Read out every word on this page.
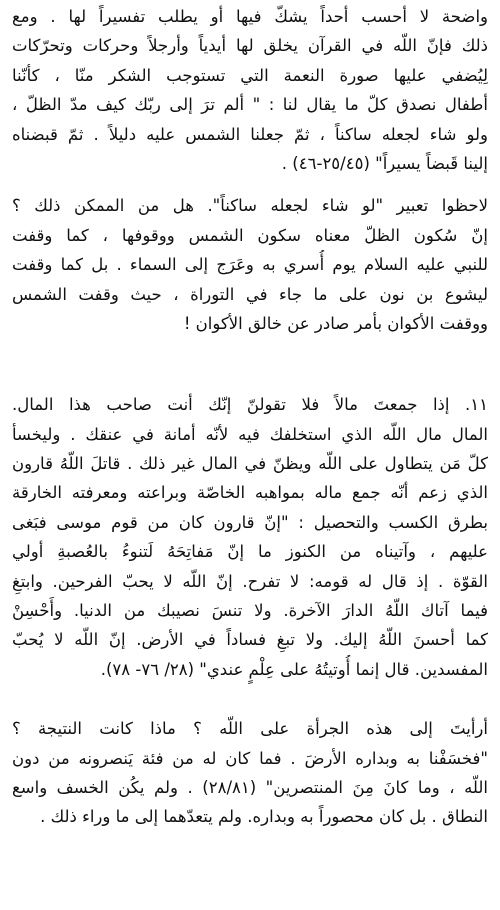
واضحة لا أحسب أحداً يشكّ فيها أو يطلب تفسيراً لها . ومع
ذلك فإنّ اللّه في القرآن يخلق لها أيدياً وأرجلاً وحركات وتحرّكات
لِيُضفي عليها صورة النعمة التي تستوجب الشكر منّا ، كأنّنا
أطفال نصدق كلّ ما يقال لنا : " ألم ترَ إلى ربّك كيف مدّ الظلّ ،
ولو شاء لجعله ساكناً ، ثمّ جعلنا الشمس عليه دليلاً . ثمّ قبضناه
إلينا قَبضاً يسيراً" (٢٥/٤٥-٤٦) .
لاحظوا تعبير "لو شاء لجعله ساكناً". هل من الممكن ذلك ؟
إنّ سُكون الظلّ معناه سكون الشمس ووقوفها ، كما وقفت
للنبي عليه السلام يوم أُسري به وعَرَج إلى السماء . بل كما وقفت
ليشوع بن نون على ما جاء في التوراة ، حيث وقفت الشمس
ووقفت الأكوان بأمر صادر عن خالق الأكوان !
١١. إذا جمعتَ مالاً فلا تقولنّ إنّك أنت صاحب هذا المال.
المال مال اللّه الذي استخلفك فيه لأنّه أمانة في عنقك . وليخسأ
كلّ مَن يتطاول على اللّه ويظنّ في المال غير ذلك . قاتلَ اللّهُ قارون
الذي زعم أنّه جمع ماله بمواهبه الخاصّة وبراعته ومعرفته الخارقة
بطرق الكسب والتحصيل : "إنّ قارون كان من قوم موسى فبَغى
عليهم ، وآتيناه من الكنوز ما إنّ مَفاتِحَهُ لَتنوءُ بالعُصبةِ أولي
القوّة . إذ قال له قومه: لا تفرح. إنّ اللّه لا يحبّ الفرحين. وابتغِ
فيما آتاك اللّهُ الدارَ الآخرة. ولا تنسَ نصيبك من الدنيا. وأَحْسِنْ
كما أحسنَ اللّهُ إليك. ولا تبغِ فساداً في الأرض. إنّ اللّه لا يُحبّ
المفسدين. قال إنما أُوتيتُهُ على عِلْمٍ عندي" (٢٨/ ٧٦- ٧٨).
أرأيتَ إلى هذه الجرأة على اللّه ؟ ماذا كانت النتيجة ؟
"فخسَفْنا به وبداره الأرضَ . فما كان له من فئة يَنصرونه من دون
اللّه ، وما كانَ مِنَ المنتصرين" (٢٨/٨١) . ولم يكُن الخسف واسع
النطاق . بل كان محصوراً به وبداره. ولم يتعدّهما إلى ما وراء ذلك .
